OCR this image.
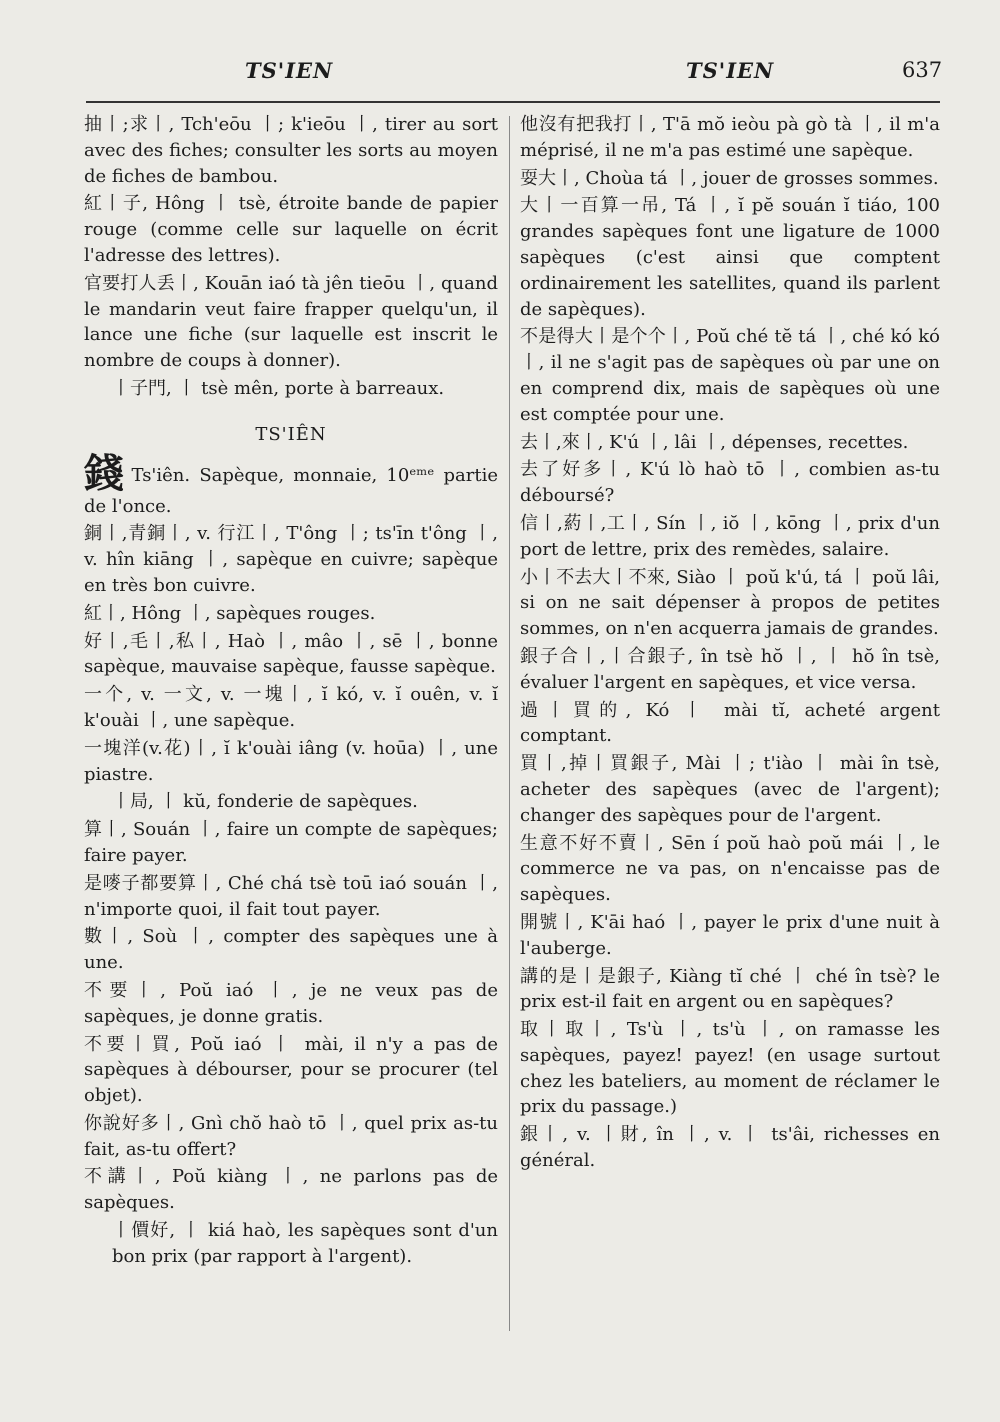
TS'IEN	TS'IEN	637

抽丨;求丨, Tch'eōu 丨; k'ieōu 丨, tirer au sort avec des fiches; consulter les sorts au moyen de fiches de bambou.

紅丨子, Hông 丨 tsè, étroite bande de papier rouge (comme celle sur laquelle on écrit l'adresse des lettres).

官要打人丢丨, Kouān iaó tà jên tieōu 丨, quand le mandarin veut faire frapper quelqu'un, il lance une fiche (sur laquelle est inscrit le nombre de coups à donner).

丨子門, 丨 tsè mên, porte à barreaux.

TS'IÊN

錢 Ts'iên. Sapèque, monnaie, 10ᵉᵐᵉ partie de l'once.

銅丨,青銅丨, v. 行江丨, T'ông 丨; ts'īn t'ông 丨, v. hîn kiāng 丨, sapèque en cuivre; sapèque en très bon cuivre.

紅丨, Hông 丨, sapèques rouges.

好丨,毛丨,私丨, Haò 丨, mâo 丨, sē 丨, bonne sapèque, mauvaise sapèque, fausse sapèque.

一个, v. 一文, v. 一塊丨, ĭ kó, v. ĭ ouên, v. ĭ k'ouài 丨, une sapèque.

一塊洋(v.花)丨, ĭ k'ouài iâng (v. hoūa) 丨, une piastre.

丨局, 丨 kŭ, fonderie de sapèques.

算丨, Souán 丨, faire un compte de sapèques; faire payer.

是嘜子都要算丨, Ché chá tsè toū iaó souán 丨, n'importe quoi, il fait tout payer.

數丨, Soù 丨, compter des sapèques une à une.

不要丨, Poŭ iaó 丨, je ne veux pas de sapèques, je donne gratis.

不要丨買, Poŭ iaó 丨 mài, il n'y a pas de sapèques à débourser, pour se procurer (tel objet).

你說好多丨, Gnì chŏ haò tō 丨, quel prix as-tu fait, as-tu offert?

不講丨, Poŭ kiàng 丨, ne parlons pas de sapèques.

丨價好, 丨 kiá haò, les sapèques sont d'un bon prix (par rapport à l'argent).

他沒有把我打丨, T'ā mŏ ieòu pà gò tà 丨, il m'a méprisé, il ne m'a pas estimé une sapèque.

耍大丨, Choùa tá 丨, jouer de grosses sommes.

大丨一百算一吊, Tá 丨, ĭ pĕ souán ĭ tiáo, 100 grandes sapèques font une ligature de 1000 sapèques (c'est ainsi que comptent ordinairement les satellites, quand ils parlent de sapèques).

不是得大丨是个个丨, Poŭ ché tĕ tá 丨, ché kó kó 丨, il ne s'agit pas de sapèques où par une on en comprend dix, mais de sapèques où une est comptée pour une.

去丨,來丨, K'ú 丨, lâi 丨, dépenses, recettes.

去了好多丨, K'ú lò haò tō 丨, combien as-tu déboursé?

信丨,葯丨,工丨, Sín 丨, iŏ 丨, kōng 丨, prix d'un port de lettre, prix des remèdes, salaire.

小丨不去大丨不來, Siào 丨 poŭ k'ú, tá 丨 poŭ lâi, si on ne sait dépenser à propos de petites sommes, on n'en acquerra jamais de grandes.

銀子合丨,丨合銀子, în tsè hŏ 丨, 丨 hŏ în tsè, évaluer l'argent en sapèques, et vice versa.

過丨買的, Kó 丨 mài tĭ, acheté argent comptant.

買丨,掉丨買銀子, Mài 丨; t'iào 丨 mài în tsè, acheter des sapèques (avec de l'argent); changer des sapèques pour de l'argent.

生意不好不賣丨, Sēn í poŭ haò poŭ mái 丨, le commerce ne va pas, on n'encaisse pas de sapèques.

開號丨, K'āi haó 丨, payer le prix d'une nuit à l'auberge.

講的是丨是銀子, Kiàng tĭ ché 丨 ché în tsè? le prix est-il fait en argent ou en sapèques?

取丨取丨, Ts'ù 丨, ts'ù 丨, on ramasse les sapèques, payez! payez! (en usage surtout chez les bateliers, au moment de réclamer le prix du passage.)

銀丨, v. 丨財, în 丨, v. 丨 ts'âi, richesses en général.
